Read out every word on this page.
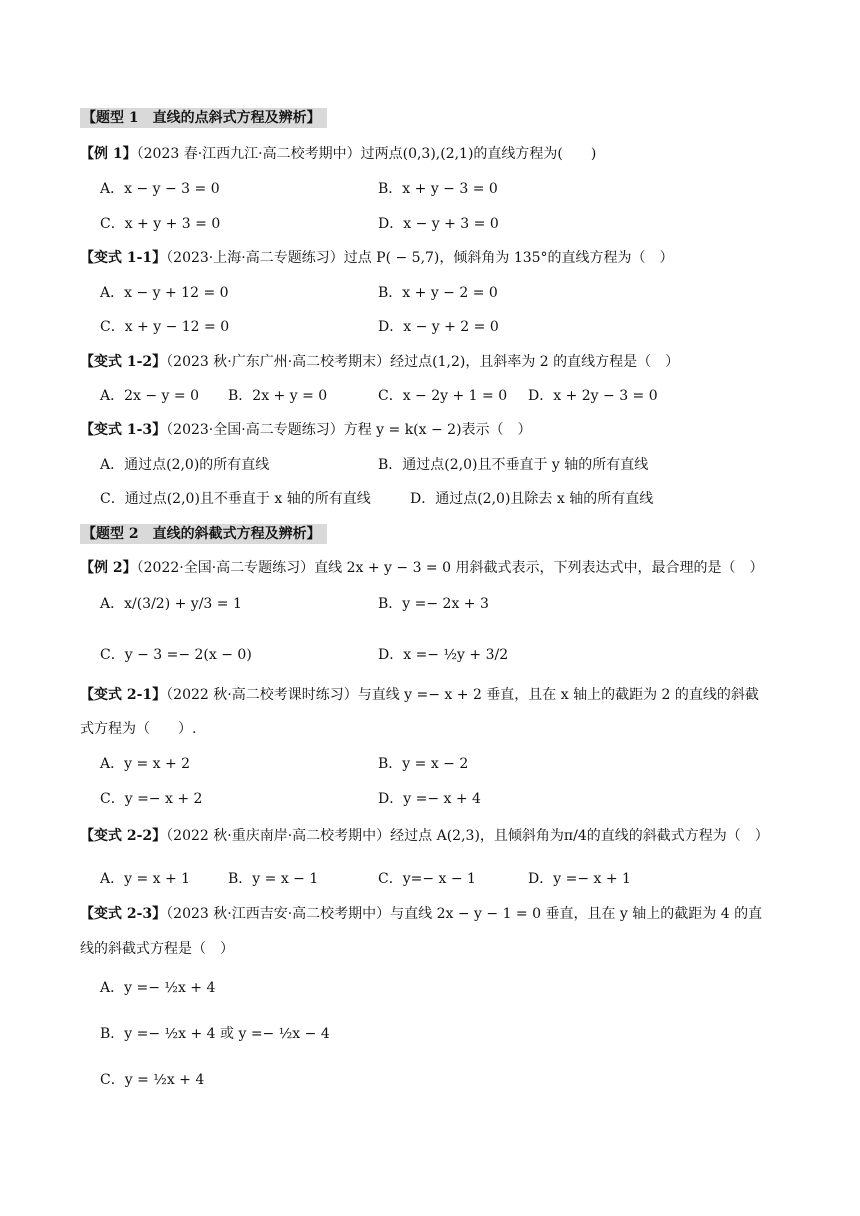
【题型 1　直线的点斜式方程及辨析】
【例 1】（2023 春·江西九江·高二校考期中）过两点(0,3),(2,1)的直线方程为(　　)
A．x − y − 3 = 0	B．x + y − 3 = 0
C．x + y + 3 = 0	D．x − y + 3 = 0
【变式 1-1】（2023·上海·高二专题练习）过点 P( − 5,7)，倾斜角为 135°的直线方程为（　）
A．x − y + 12 = 0	B．x + y − 2 = 0
C．x + y − 12 = 0	D．x − y + 2 = 0
【变式 1-2】（2023 秋·广东广州·高二校考期末）经过点(1,2)，且斜率为 2 的直线方程是（　）
A．2x − y = 0 B．2x + y = 0	C．x − 2y + 1 = 0 D．x + 2y − 3 = 0
【变式 1-3】（2023·全国·高二专题练习）方程 y = k(x − 2)表示（　）
A．通过点(2,0)的所有直线	B．通过点(2,0)且不垂直于 y 轴的所有直线
C．通过点(2,0)且不垂直于 x 轴的所有直线	D．通过点(2,0)且除去 x 轴的所有直线
【题型 2　直线的斜截式方程及辨析】
【例 2】（2022·全国·高二专题练习）直线 2x + y − 3 = 0 用斜截式表示，下列表达式中，最合理的是（　）
A．x/(3/2) + y/3 = 1	B．y =− 2x + 3
C．y − 3 =− 2(x − 0)	D．x =− ½y + 3/2
【变式 2-1】（2022 秋·高二校考课时练习）与直线 y =− x + 2 垂直，且在 x 轴上的截距为 2 的直线的斜截
式方程为（　　）.
A．y = x + 2	B．y = x − 2
C．y =− x + 2	D．y =− x + 4
【变式 2-2】（2022 秋·重庆南岸·高二校考期中）经过点 A(2,3)，且倾斜角为π/4的直线的斜截式方程为（　）
A．y = x + 1	B．y = x − 1	C．y=− x − 1	D．y =− x + 1
【变式 2-3】（2023 秋·江西吉安·高二校考期中）与直线 2x − y − 1 = 0 垂直，且在 y 轴上的截距为 4 的直
线的斜截式方程是（　）
A．y =− ½x + 4
B．y =− ½x + 4 或 y =− ½x − 4
C．y = ½x + 4
